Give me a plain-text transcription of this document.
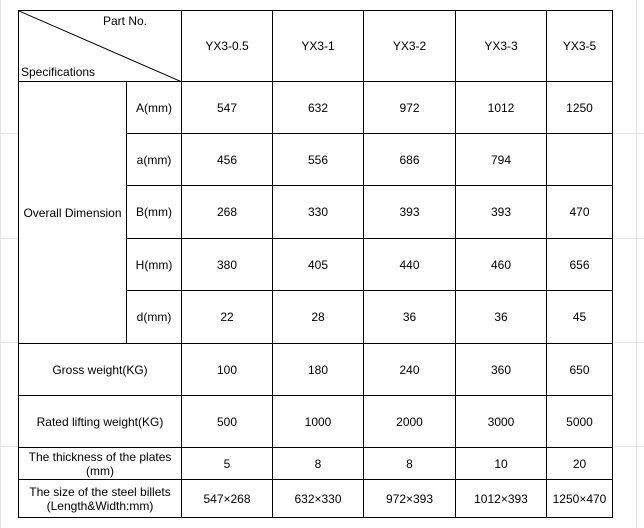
Part No.
Specifications		YX3-0.5	YX3-1	YX3-2	YX3-3	YX3-5
Overall Dimension	A(mm)	547	632	972	1012	1250
	a(mm)	456	556	686	794	
	B(mm)	268	330	393	393	470
	H(mm)	380	405	440	460	656
	d(mm)	22	28	36	36	45
Gross weight(KG)		100	180	240	360	650
Rated lifting weight(KG)		500	1000	2000	3000	5000
The thickness of the plates
(mm)		5	8	8	10	20
The size of the steel billets
(Length&Width:mm)		547×268	632×330	972×393	1012×393	1250×470
